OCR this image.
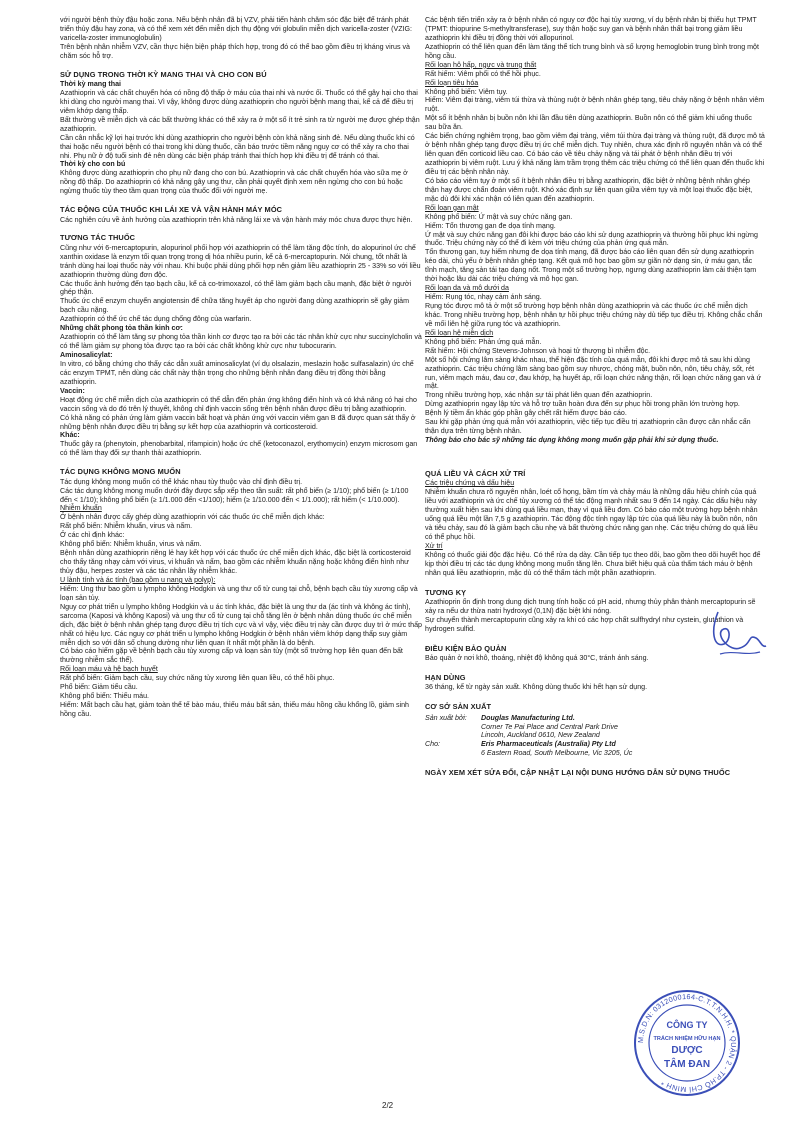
với người bệnh thủy đậu hoặc zona. Nếu bệnh nhân đã bị VZV, phải tiến hành chăm sóc đặc biệt để tránh phát triển thủy đậu hay zona, và có thể xem xét đến miễn dịch thụ động với globulin miễn dịch varicella-zoster (VZIG: varicella-zoster immunoglobulin)

Trên bệnh nhân nhiễm VZV, cần thực hiện biện pháp thích hợp, trong đó có thể bao gồm điều trị kháng virus và chăm sóc hỗ trợ.

SỬ DỤNG TRONG THỜI KỲ MANG THAI VÀ CHO CON BÚ

Thời kỳ mang thai

Azathioprin và các chất chuyển hóa có nồng độ thấp ở máu của thai nhi và nước ối. Thuốc có thể gây hại cho thai khi dùng cho người mang thai. Vì vậy, không được dùng azathioprin cho người bệnh mang thai, kể cả để điều trị viêm khớp dạng thấp.

Bất thường về miễn dịch và các bất thường khác có thể xảy ra ở một số ít trẻ sinh ra từ người mẹ được ghép thận azathioprin.

Cần cân nhắc kỹ lợi hại trước khi dùng azathioprin cho người bệnh còn khả năng sinh đẻ. Nếu dùng thuốc khi có thai hoặc nếu người bệnh có thai trong khi dùng thuốc, cần báo trước tiềm năng nguy cơ có thể xảy ra cho thai nhi. Phụ nữ ở độ tuổi sinh đẻ nên dùng các biện pháp tránh thai thích hợp khi điều trị để tránh có thai.

Thời kỳ cho con bú

Không được dùng azathioprin cho phụ nữ đang cho con bú. Azathioprin và các chất chuyển hóa vào sữa mẹ ở nồng độ thấp. Do azathioprin có khả năng gây ung thư, cần phải quyết định xem nên ngừng cho con bú hoặc ngừng thuốc tùy theo tầm quan trọng của thuốc đối với người mẹ.

TÁC ĐỘNG CỦA THUỐC KHI LÁI XE VÀ VẬN HÀNH MÁY MÓC

Các nghiên cứu về ảnh hưởng của azathioprin trên khả năng lái xe và vận hành máy móc chưa được thực hiện.

TƯƠNG TÁC THUỐC

Cũng như với 6-mercaptopurin, alopurinol phối hợp với azathioprin có thể làm tăng độc tính, do alopurinol ức chế xanthin oxidase là enzym tối quan trọng trong dị hóa nhiều purin, kể cả 6-mercaptopurin. Nói chung, tốt nhất là tránh dùng hai loại thuốc này với nhau. Khi buộc phải dùng phối hợp nên giảm liều azathioprin 25 - 33% so với liều azathioprin thường dùng đơn độc.

Các thuốc ảnh hưởng đến tạo bạch cầu, kể cả co-trimoxazol, có thể làm giảm bạch cầu mạnh, đặc biệt ở người ghép thận.

Thuốc ức chế enzym chuyển angiotensin để chữa tăng huyết áp cho người đang dùng azathioprin sẽ gây giảm bạch cầu nặng.

Azathioprin có thể ức chế tác dụng chống đông của warfarin.

Những chất phong tỏa thần kinh cơ:

Azathioprin có thể làm tăng sự phong tỏa thần kinh cơ được tạo ra bởi các tác nhân khử cực như succinylcholin và có thể làm giảm sự phong tỏa được tạo ra bởi các chất không khử cực như tubocurarin.

Aminosalicylat:

In vitro, có bằng chứng cho thấy các dẫn xuất aminosalicylat (ví dụ olsalazin, meslazin hoặc sulfasalazin) ức chế các enzym TPMT, nên dùng các chất này thận trọng cho những bệnh nhân đang điều trị đồng thời bằng azathioprin.

Vaccin:

Hoạt động ức chế miễn dịch của azathioprin có thể dẫn đến phản ứng không điển hình và có khả năng có hại cho vaccin sống và do đó trên lý thuyết, không chỉ định vaccin sống trên bệnh nhân được điều trị bằng azathioprin.

Có khả năng có phản ứng làm giảm vaccin bất hoạt và phản ứng với vaccin viêm gan B đã được quan sát thấy ở những bệnh nhân được điều trị bằng sự kết hợp của azathioprin và corticosteroid.

Khác:

Thuốc gây ra (phenytoin, phenobarbital, rifampicin) hoặc ức chế (ketoconazol, erythomycin) enzym microsom gan có thể làm thay đổi sự thanh thải azathioprin.

TÁC DỤNG KHÔNG MONG MUỐN

Tác dụng không mong muốn có thể khác nhau tùy thuộc vào chỉ định điều trị.

Các tác dụng không mong muốn dưới đây được sắp xếp theo tần suất: rất phổ biến (≥ 1/10); phổ biến (≥ 1/100 đến < 1/10); không phổ biến (≥ 1/1.000 đến <1/100); hiếm (≥ 1/10.000 đến < 1/1.000); rất hiếm (< 1/10.000).

Nhiễm khuẩn

Ở bệnh nhân được cấy ghép dùng azathioprin với các thuốc ức chế miễn dịch khác:

Rất phổ biến: Nhiễm khuẩn, virus và nấm.

Ở các chỉ định khác:

Không phổ biến: Nhiễm khuẩn, virus và nấm.

Bệnh nhân dùng azathioprin riêng lẻ hay kết hợp với các thuốc ức chế miễn dịch khác, đặc biệt là corticosteroid cho thấy tăng nhạy cảm với virus, vi khuẩn và nấm, bao gồm các nhiễm khuẩn nặng hoặc không điển hình như thủy đậu, herpes zoster và các tác nhân lây nhiễm khác.

U lành tính và ác tính (bao gồm u nang và polyp):

Hiếm: Ung thư bao gồm u lympho không Hodgkin và ung thư cổ tử cung tại chỗ, bệnh bạch cầu tủy xương cấp và loạn sản tủy.

Nguy cơ phát triển u lympho không Hodgkin và u ác tính khác, đặc biệt là ung thư da (ác tính và không ác tính), sarcoma (Kaposi và không Kaposi) và ung thư cổ tử cung tại chỗ tăng lên ở bệnh nhân dùng thuốc ức chế miễn dịch, đặc biệt ở bệnh nhân ghép tạng được điều trị tích cực và vì vậy, việc điều trị này cần được duy trì ở mức thấp nhất có hiệu lực. Các nguy cơ phát triển u lympho không Hodgkin ở bệnh nhân viêm khớp dạng thấp suy giảm miễn dịch so với dân số chung dường như liên quan ít nhất một phần là do bệnh.

Có báo cáo hiếm gặp về bệnh bạch cầu tủy xương cấp và loạn sản tủy (một số trường hợp liên quan đến bất thường nhiễm sắc thể).

Rối loạn máu và hệ bạch huyết

Rất phổ biến: Giảm bạch cầu, suy chức năng tủy xương liên quan liều, có thể hồi phục.

Phổ biến: Giảm tiểu cầu.

Không phổ biến: Thiếu máu.

Hiếm: Mất bạch cầu hạt, giảm toàn thể tế bào máu, thiếu máu bất sản, thiếu máu hồng cầu khổng lồ, giảm sinh hồng cầu.

Các bệnh tiến triển xảy ra ở bệnh nhân có nguy cơ độc hại tủy xương, ví dụ bệnh nhân bị thiếu hụt TPMT (TPMT: thiopurine S-methyltransferase), suy thận hoặc suy gan và bệnh nhân thất bại trong giảm liều azathioprin khi điều trị đồng thời với allopurinol.

Azathioprin có thể liên quan đến làm tăng thể tích trung bình và số lượng hemoglobin trung bình trong một hồng cầu.

Rối loạn hô hấp, ngực và trung thất

Rất hiếm: Viêm phổi có thể hồi phục.

Rối loạn tiêu hóa

Không phổ biến: Viêm tụy.

Hiếm: Viêm đại tràng, viêm túi thừa và thủng ruột ở bệnh nhân ghép tạng, tiêu chảy nặng ở bệnh nhân viêm ruột.

Một số ít bệnh nhân bị buồn nôn khi lần đầu tiên dùng azathioprin. Buồn nôn có thể giảm khi uống thuốc sau bữa ăn.

Các biến chứng nghiêm trọng, bao gồm viêm đại tràng, viêm túi thừa đại tràng và thủng ruột, đã được mô tả ở bệnh nhân ghép tạng được điều trị ức chế miễn dịch. Tuy nhiên, chưa xác định rõ nguyên nhân và có thể liên quan đến corticoid liều cao. Có báo cáo về tiêu chảy nặng và tái phát ở bệnh nhân điều trị với azathioprin bị viêm ruột. Lưu ý khả năng làm trầm trọng thêm các triệu chứng có thể liên quan đến thuốc khi điều trị các bệnh nhân này.

Có báo cáo viêm tụy ở một số ít bệnh nhân điều trị bằng azathioprin, đặc biệt ở những bệnh nhân ghép thận hay được chẩn đoán viêm ruột. Khó xác định sự liên quan giữa viêm tụy và một loại thuốc đặc biệt, mặc dù đôi khi xác nhận có liên quan đến azathioprin.

Rối loạn gan mật

Không phổ biến: Ứ mật và suy chức năng gan.

Hiếm: Tổn thương gan đe dọa tính mạng.

Ứ mật và suy chức năng gan đôi khi được báo cáo khi sử dụng azathioprin và thường hồi phục khi ngừng thuốc. Triệu chứng này có thể đi kèm với triệu chứng của phản ứng quá mẫn.

Tổn thương gan, tuy hiếm nhưng đe dọa tính mạng, đã được báo cáo liên quan đến sử dụng azathioprin kéo dài, chủ yếu ở bệnh nhân ghép tạng. Kết quả mô học bao gồm sự giãn nở dạng sin, ứ máu gan, tắc tĩnh mạch, tăng sản tái tạo dạng nốt. Trong một số trường hợp, ngưng dùng azathioprin làm cải thiện tạm thời hoặc lâu dài các triệu chứng và mô học gan.

Rối loạn da và mô dưới da

Hiếm: Rụng tóc, nhạy cảm ánh sáng.

Rụng tóc được mô tả ở một số trường hợp bệnh nhân dùng azathioprin và các thuốc ức chế miễn dịch khác. Trong nhiều trường hợp, bệnh nhân tự hồi phục triệu chứng này dù tiếp tục điều trị. Không chắc chắn về mối liên hệ giữa rụng tóc và azathioprin.

Rối loạn hệ miễn dịch

Không phổ biến: Phản ứng quá mẫn.

Rất hiếm: Hội chứng Stevens-Johnson và hoại tử thượng bì nhiễm độc.

Một số hội chứng lâm sàng khác nhau, thể hiện đặc tính của quá mẫn, đôi khi được mô tả sau khi dùng azathioprin. Các triệu chứng lâm sàng bao gồm suy nhược, chóng mặt, buồn nôn, nôn, tiêu chảy, sốt, rét run, viêm mạch máu, đau cơ, đau khớp, hạ huyết áp, rối loạn chức năng thận, rối loạn chức năng gan và ứ mật.

Trong nhiều trường hợp, xác nhận sự tái phát liên quan đến azathioprin.

Dừng azathioprin ngay lập tức và hỗ trợ tuần hoàn đưa đến sự phục hồi trong phần lớn trường hợp.

Bệnh lý tiềm ẩn khác góp phần gây chết rất hiếm được báo cáo.

Sau khi gặp phản ứng quá mẫn với azathioprin, việc tiếp tục điều trị azathioprin cần được cân nhắc cẩn thận dựa trên từng bệnh nhân.

Thông báo cho bác sỹ những tác dụng không mong muốn gặp phải khi sử dụng thuốc.

QUÁ LIỀU VÀ CÁCH XỬ TRÍ

Các triệu chứng và dấu hiệu

Nhiễm khuẩn chưa rõ nguyên nhân, loét cổ họng, bầm tím và chảy máu là những dấu hiệu chính của quá liều với azathioprin và ức chế tủy xương có thể tác động mạnh nhất sau 9 đến 14 ngày. Các dấu hiệu này thường xuất hiện sau khi dùng quá liều mạn, thay vì quá liều đơn. Có báo cáo một trường hợp bệnh nhân uống quá liều một lần 7,5 g azathioprin. Tác động độc tính ngay lập tức của quá liều này là buồn nôn, nôn và tiêu chảy, sau đó là giảm bạch cầu nhẹ và bất thường chức năng gan nhẹ. Các triệu chứng do quá liều có thể phục hồi.

Xử trí

Không có thuốc giải độc đặc hiệu. Có thể rửa dạ dày. Cần tiếp tục theo dõi, bao gồm theo dõi huyết học để kịp thời điều trị các tác dụng không mong muốn tăng lên. Chưa biết hiệu quả của thẩm tách máu ở bệnh nhân quá liều azathioprin, mặc dù có thể thẩm tách một phần azathioprin.

TƯƠNG KỴ

Azathioprin ổn định trong dung dịch trung tính hoặc có pH acid, nhưng thủy phân thành mercaptopurin sẽ xảy ra nếu dư thừa natri hydroxyd (0,1N) đặc biệt khi nóng.

Sự chuyển thành mercaptopurin cũng xảy ra khi có các hợp chất sulfhydryl như cystein, glutathion và hydrogen sulfid.

ĐIỀU KIỆN BẢO QUẢN

Bảo quản ở nơi khô, thoáng, nhiệt độ không quá 30°C, tránh ánh sáng.

HẠN DÙNG

36 tháng, kể từ ngày sản xuất. Không dùng thuốc khi hết hạn sử dụng.

CƠ SỞ SẢN XUẤT

Sản xuất bởi:	Douglas Manufacturing Ltd.

Corner Te Pai Place and Central Park Drive

Lincoln, Auckland 0610, New Zealand

Cho:	Eris Pharmaceuticals (Australia) Pty Ltd

6 Eastern Road, South Melbourne, Vic 3205, Úc

NGÀY XEM XÉT SỬA ĐỔI, CẬP NHẬT LẠI NỘI DUNG HƯỚNG DẪN SỬ DỤNG THUỐC

M.S.D.N: 0312000164-C.T.T.N.H.H. * QUẬN 2 - TP.HỒ CHÍ MINH *
CÔNG TY
TRÁCH NHIỆM HỮU HẠN
DƯỢC
TÂM ĐAN
2/2
